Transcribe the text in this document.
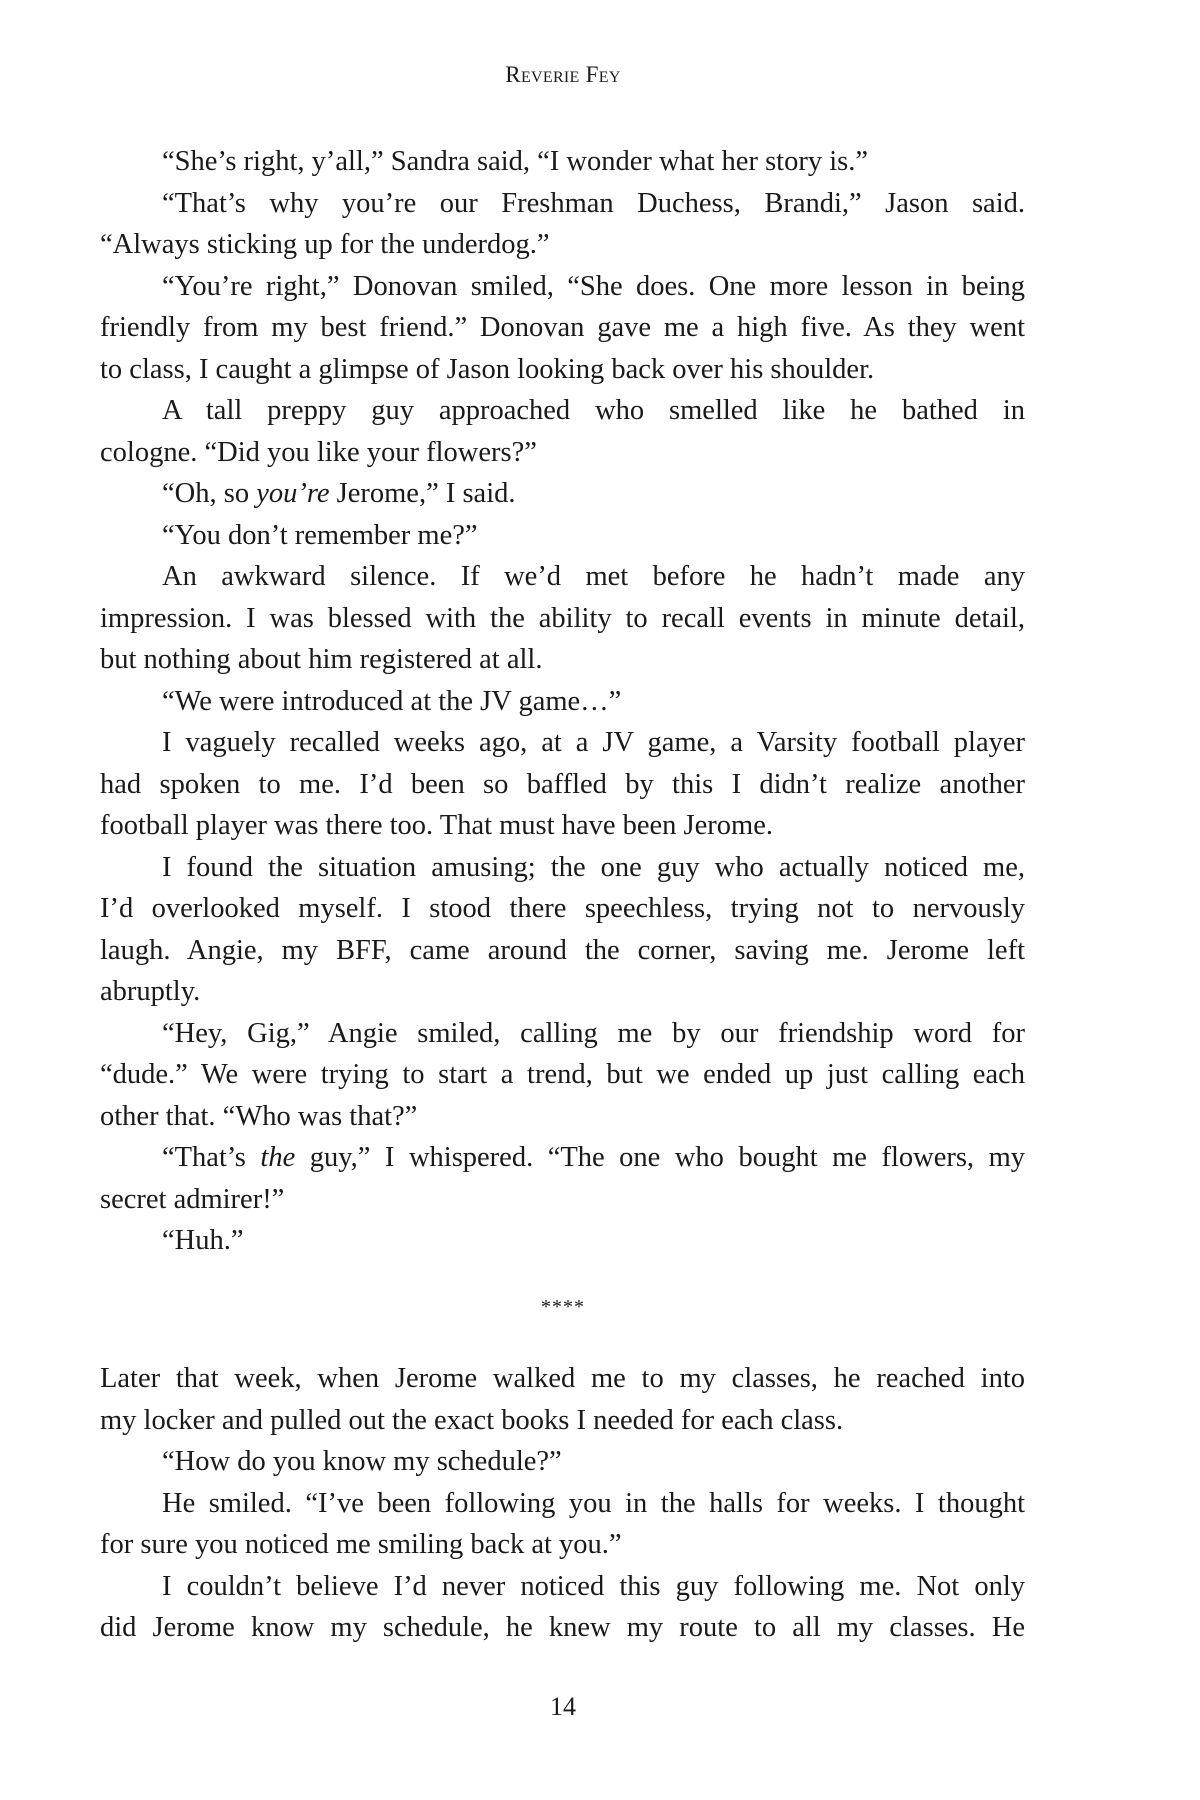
Reverie Fey
“She’s right, y’all,” Sandra said, “I wonder what her story is.”
“That’s why you’re our Freshman Duchess, Brandi,” Jason said.
“Always sticking up for the underdog.”
“You’re right,” Donovan smiled, “She does. One more lesson in being
friendly from my best friend.” Donovan gave me a high five. As they went
to class, I caught a glimpse of Jason looking back over his shoulder.
A tall preppy guy approached who smelled like he bathed in
cologne. “Did you like your flowers?”
“Oh, so you’re Jerome,” I said.
“You don’t remember me?”
An awkward silence. If we’d met before he hadn’t made any
impression. I was blessed with the ability to recall events in minute detail,
but nothing about him registered at all.
“We were introduced at the JV game…”
I vaguely recalled weeks ago, at a JV game, a Varsity football player
had spoken to me. I’d been so baffled by this I didn’t realize another
football player was there too. That must have been Jerome.
I found the situation amusing; the one guy who actually noticed me,
I’d overlooked myself. I stood there speechless, trying not to nervously
laugh. Angie, my BFF, came around the corner, saving me. Jerome left
abruptly.
“Hey, Gig,” Angie smiled, calling me by our friendship word for
“dude.” We were trying to start a trend, but we ended up just calling each
other that. “Who was that?”
“That’s the guy,” I whispered. “The one who bought me flowers, my
secret admirer!”
“Huh.”
****
Later that week, when Jerome walked me to my classes, he reached into
my locker and pulled out the exact books I needed for each class.
“How do you know my schedule?”
He smiled. “I’ve been following you in the halls for weeks. I thought
for sure you noticed me smiling back at you.”
I couldn’t believe I’d never noticed this guy following me. Not only
did Jerome know my schedule, he knew my route to all my classes. He
14
